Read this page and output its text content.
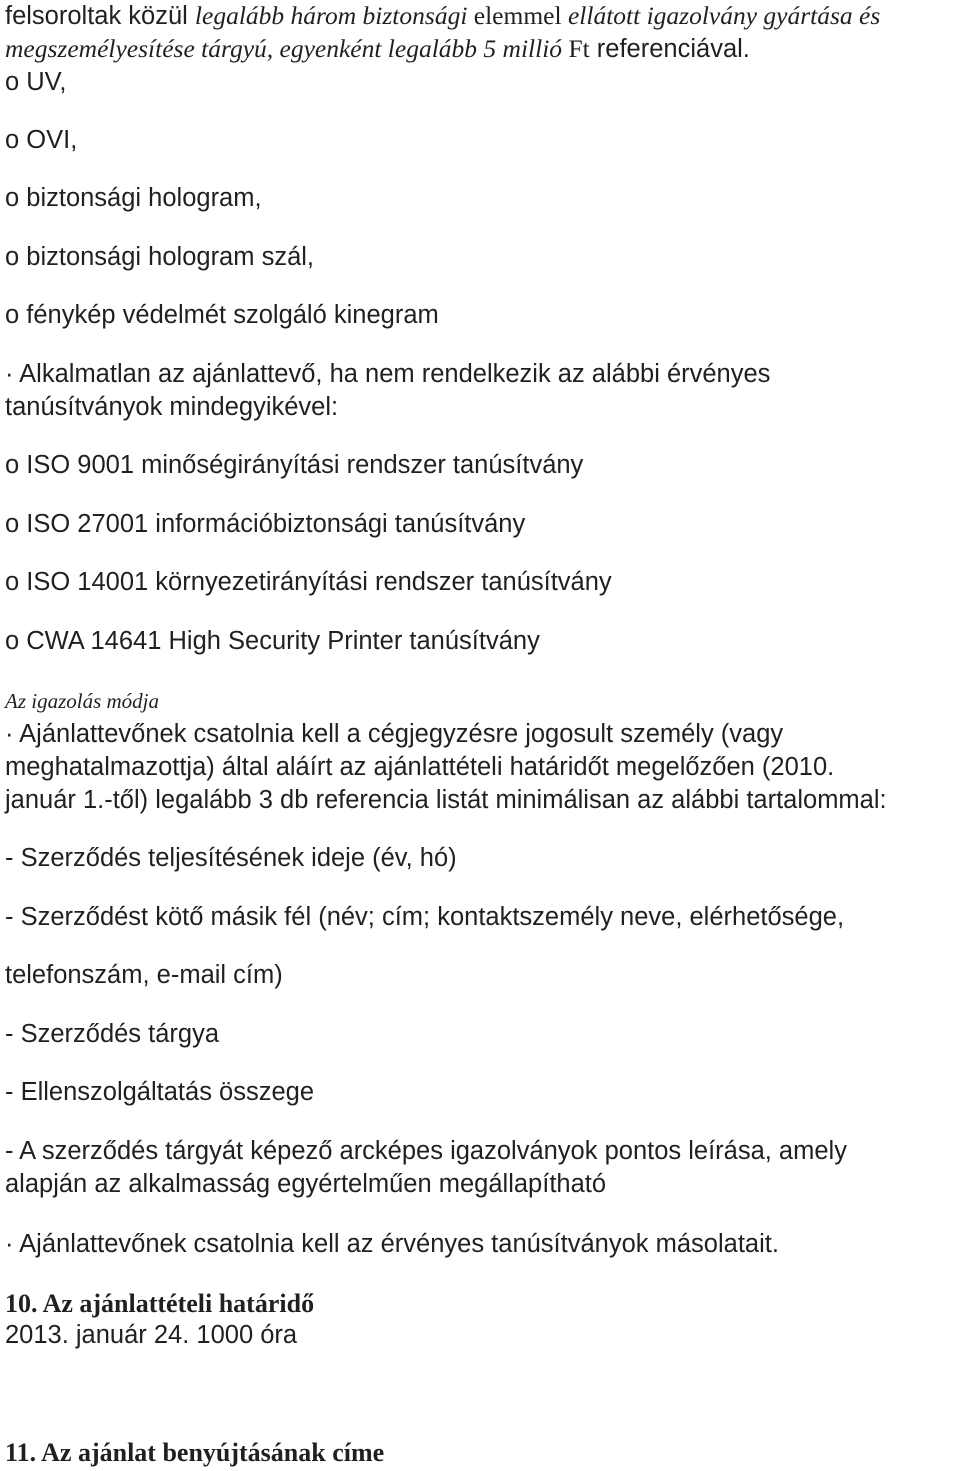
felsoroltak közül legalább három biztonsági elemmel ellátott igazolvány gyártása és
megszemélyesítése tárgyú, egyenként legalább 5 millió Ft referenciával.
o UV,
o OVI,
o biztonsági hologram,
o biztonsági hologram szál,
o fénykép védelmét szolgáló kinegram
· Alkalmatlan az ajánlattevő, ha nem rendelkezik az alábbi érvényes
tanúsítványok mindegyikével:
o ISO 9001 minőségirányítási rendszer tanúsítvány
o ISO 27001 információbiztonsági tanúsítvány
o ISO 14001 környezetirányítási rendszer tanúsítvány
o CWA 14641 High Security Printer tanúsítvány
Az igazolás módja
· Ajánlattevőnek csatolnia kell a cégjegyzésre jogosult személy (vagy
meghatalmazottja) által aláírt az ajánlattételi határidőt megelőzően (2010.
január 1.-től) legalább 3 db referencia listát minimálisan az alábbi tartalommal:
- Szerződés teljesítésének ideje (év, hó)
- Szerződést kötő másik fél (név; cím; kontaktszemély neve, elérhetősége,
telefonszám, e-mail cím)
- Szerződés tárgya
- Ellenszolgáltatás összege
- A szerződés tárgyát képező arcképes igazolványok pontos leírása, amely
alapján az alkalmasság egyértelműen megállapítható
· Ajánlattevőnek csatolnia kell az érvényes tanúsítványok másolatait.
10. Az ajánlattételi határidő
2013. január 24. 1000 óra
11. Az ajánlat benyújtásának címe
